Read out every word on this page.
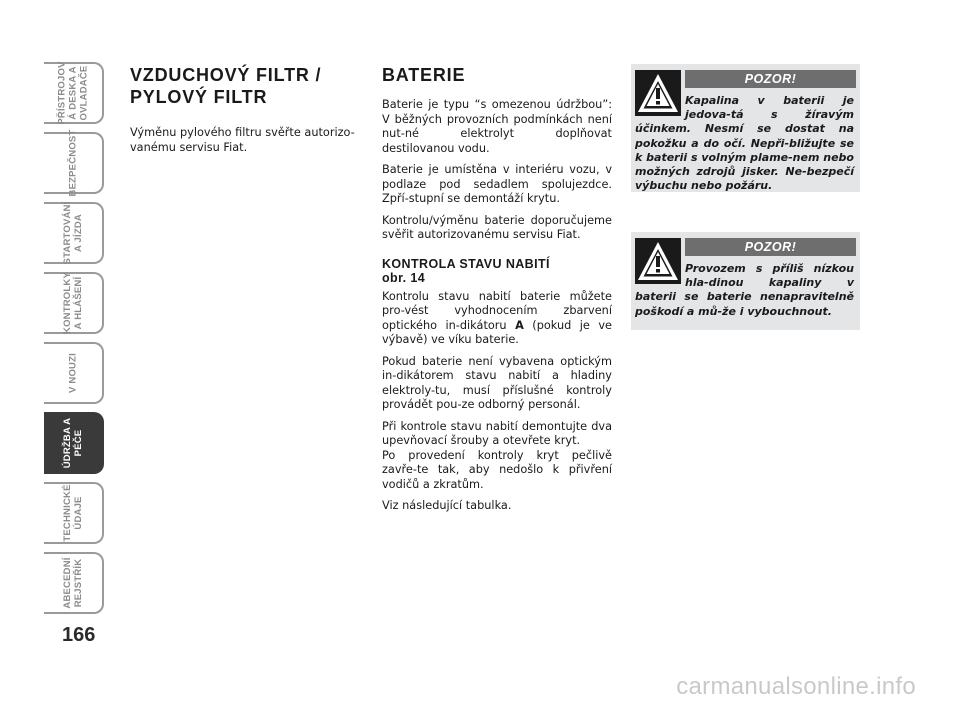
PŘÍSTROJOV
Á DESKA A
OVLADAČE
BEZPEČNOST
STARTOVÁNÍ
A JÍZDA
KONTROLKY
A HLÁŠENÍ
V NOUZI
ÚDRŽBA A
PÉČE
TECHNICKÉ
ÚDAJE
ABECEDNÍ
REJSTŘÍK
166
VZDUCHOVÝ FILTR /
PYLOVÝ FILTR

Výměnu pylového filtru svěřte autorizo-vanému servisu Fiat.

BATERIE

Baterie je typu “s omezenou údržbou”: V běžných provozních podmínkách není nut-né elektrolyt doplňovat destilovanou vodu.

Baterie je umístěna v interiéru vozu, v podlaze pod sedadlem spolujezdce. Zpří-stupní se demontáží krytu.

Kontrolu/výměnu baterie doporučujeme svěřit autorizovanému servisu Fiat.

KONTROLA STAVU NABITÍ
obr. 14

Kontrolu stavu nabití baterie můžete pro-vést vyhodnocením zbarvení optického in-dikátoru A (pokud je ve výbavě) ve víku baterie.

Pokud baterie není vybavena optickým in-dikátorem stavu nabití a hladiny elektroly-tu, musí příslušné kontroly provádět pou-ze odborný personál.

Při kontrole stavu nabití demontujte dva upevňovací šrouby a otevřete kryt.

Po provedení kontroly kryt pečlivě zavře-te tak, aby nedošlo k přivření vodičů a zkratům.

Viz následující tabulka.

POZOR!
Kapalina v baterii je jedova-tá s žíravým účinkem. Nesmí se dostat na pokožku a do očí. Nepři-bližujte se k baterii s volným plame-nem nebo možných zdrojů jisker. Ne-bezpečí výbuchu nebo požáru.
POZOR!
Provozem s příliš nízkou hla-dinou kapaliny v baterii se baterie nenapravitelně poškodí a mů-že i vybouchnout.
carmanualsonline.info
